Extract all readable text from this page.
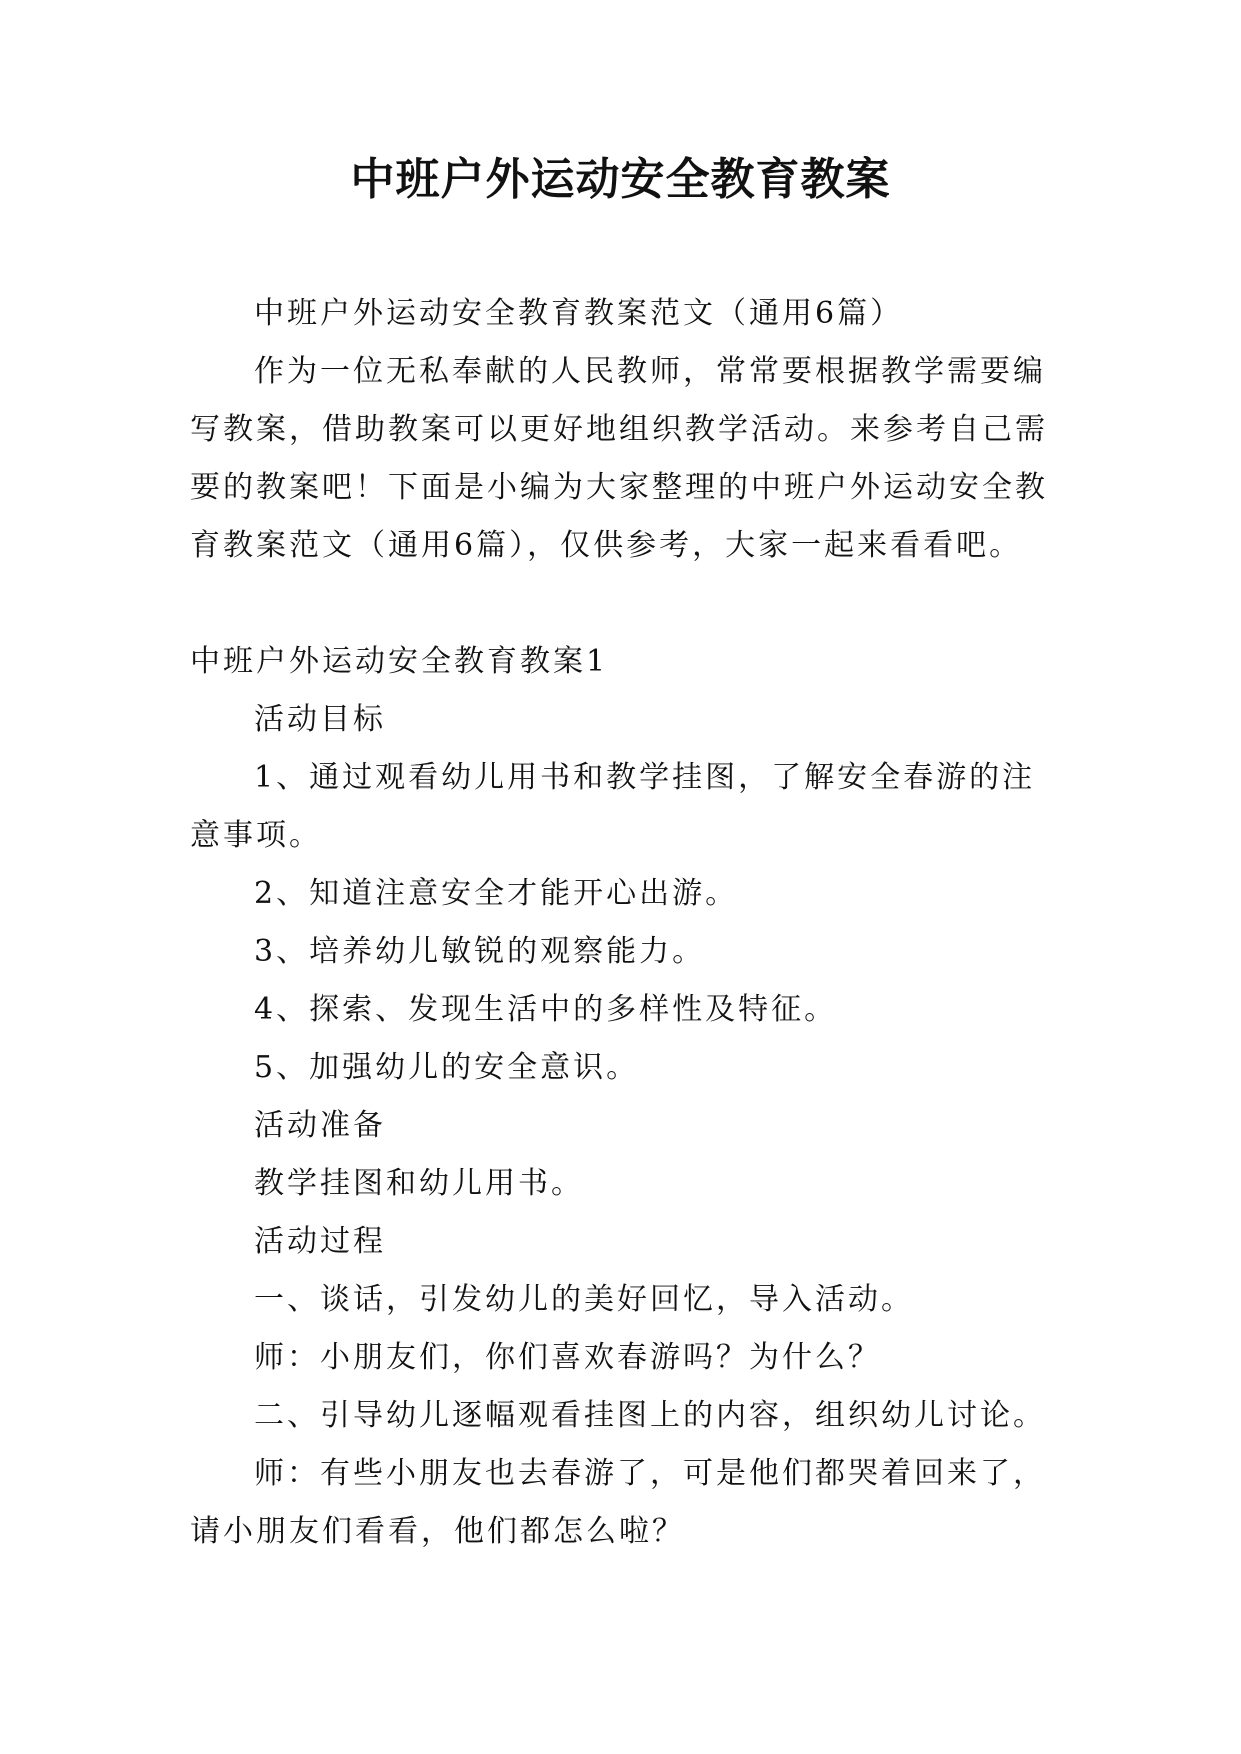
中班户外运动安全教育教案

中班户外运动安全教育教案范文（通用6篇）

作为一位无私奉献的人民教师，常常要根据教学需要编写教案，借助教案可以更好地组织教学活动。来参考自己需要的教案吧！下面是小编为大家整理的中班户外运动安全教育教案范文（通用6篇），仅供参考，大家一起来看看吧。

中班户外运动安全教育教案1

活动目标

1、通过观看幼儿用书和教学挂图，了解安全春游的注意事项。

2、知道注意安全才能开心出游。

3、培养幼儿敏锐的观察能力。

4、探索、发现生活中的多样性及特征。

5、加强幼儿的安全意识。

活动准备

教学挂图和幼儿用书。

活动过程

一、谈话，引发幼儿的美好回忆，导入活动。

师：小朋友们，你们喜欢春游吗？为什么？

二、引导幼儿逐幅观看挂图上的内容，组织幼儿讨论。

师：有些小朋友也去春游了，可是他们都哭着回来了，请小朋友们看看，他们都怎么啦？
